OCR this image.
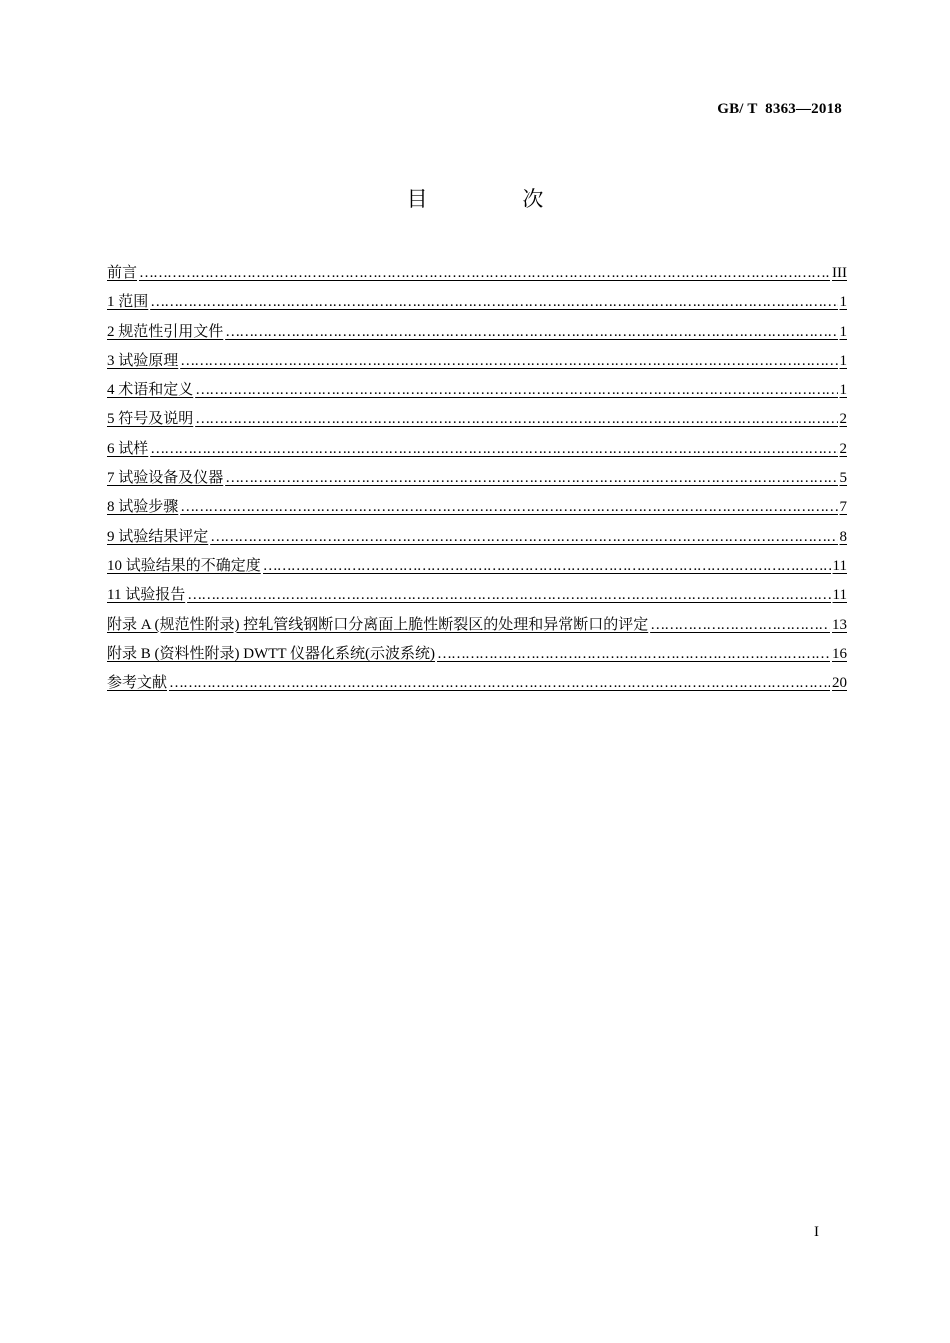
GB/ T  8363—2018
目 次
前言 …………………………………………………………………………………………………………………………………………………………………………………………………………………………	III
1 范围 …………………………………………………………………………………………………………………………………………………………………………………………………………………………	1
2 规范性引用文件 …………………………………………………………………………………………………………………………………………………………………………………………………………………………	1
3 试验原理 …………………………………………………………………………………………………………………………………………………………………………………………………………………………	1
4 术语和定义 …………………………………………………………………………………………………………………………………………………………………………………………………………………………	1
5 符号及说明 …………………………………………………………………………………………………………………………………………………………………………………………………………………………	2
6 试样 …………………………………………………………………………………………………………………………………………………………………………………………………………………………	2
7 试验设备及仪器 …………………………………………………………………………………………………………………………………………………………………………………………………………………………	5
8 试验步骤 …………………………………………………………………………………………………………………………………………………………………………………………………………………………	7
9 试验结果评定 …………………………………………………………………………………………………………………………………………………………………………………………………………………………	8
10 试验结果的不确定度 …………………………………………………………………………………………………………………………………………………………………………………………………………………………	11
11 试验报告 …………………………………………………………………………………………………………………………………………………………………………………………………………………………	11
附录 A (规范性附录) 控轧管线钢断口分离面上脆性断裂区的处理和异常断口的评定 …………………………………………………………………………………………………………………………………………………………………………………………………………………………	13
附录 B (资料性附录) DWTT 仪器化系统(示波系统) …………………………………………………………………………………………………………………………………………………………………………………………………………………………	16
参考文献 …………………………………………………………………………………………………………………………………………………………………………………………………………………………	20
I
